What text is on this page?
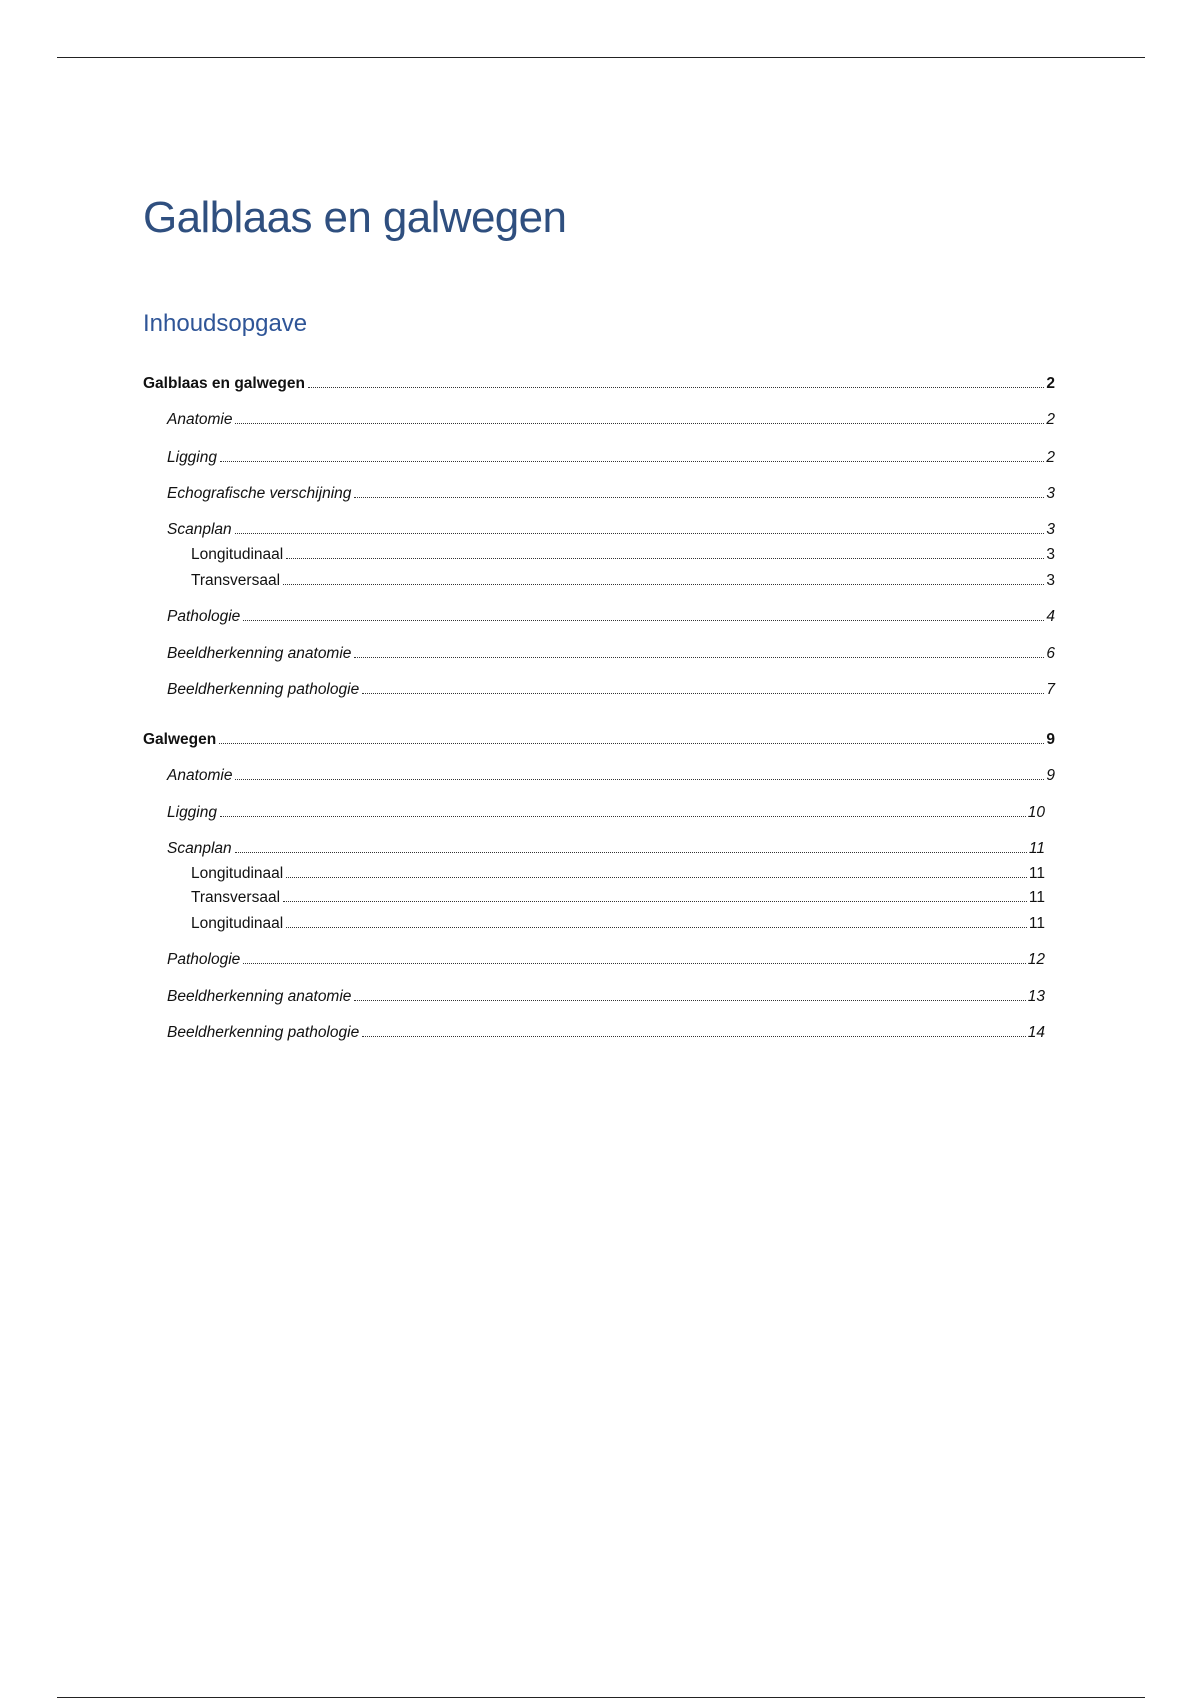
Galblaas en galwegen
Inhoudsopgave
Galblaas en galwegen	2
Anatomie	2
Ligging	2
Echografische verschijning	3
Scanplan	3
Longitudinaal	3
Transversaal	3
Pathologie	4
Beeldherkenning anatomie	6
Beeldherkenning pathologie	7
Galwegen	9
Anatomie	9
Ligging	10
Scanplan	11
Longitudinaal	11
Transversaal	11
Longitudinaal	11
Pathologie	12
Beeldherkenning anatomie	13
Beeldherkenning pathologie	14
